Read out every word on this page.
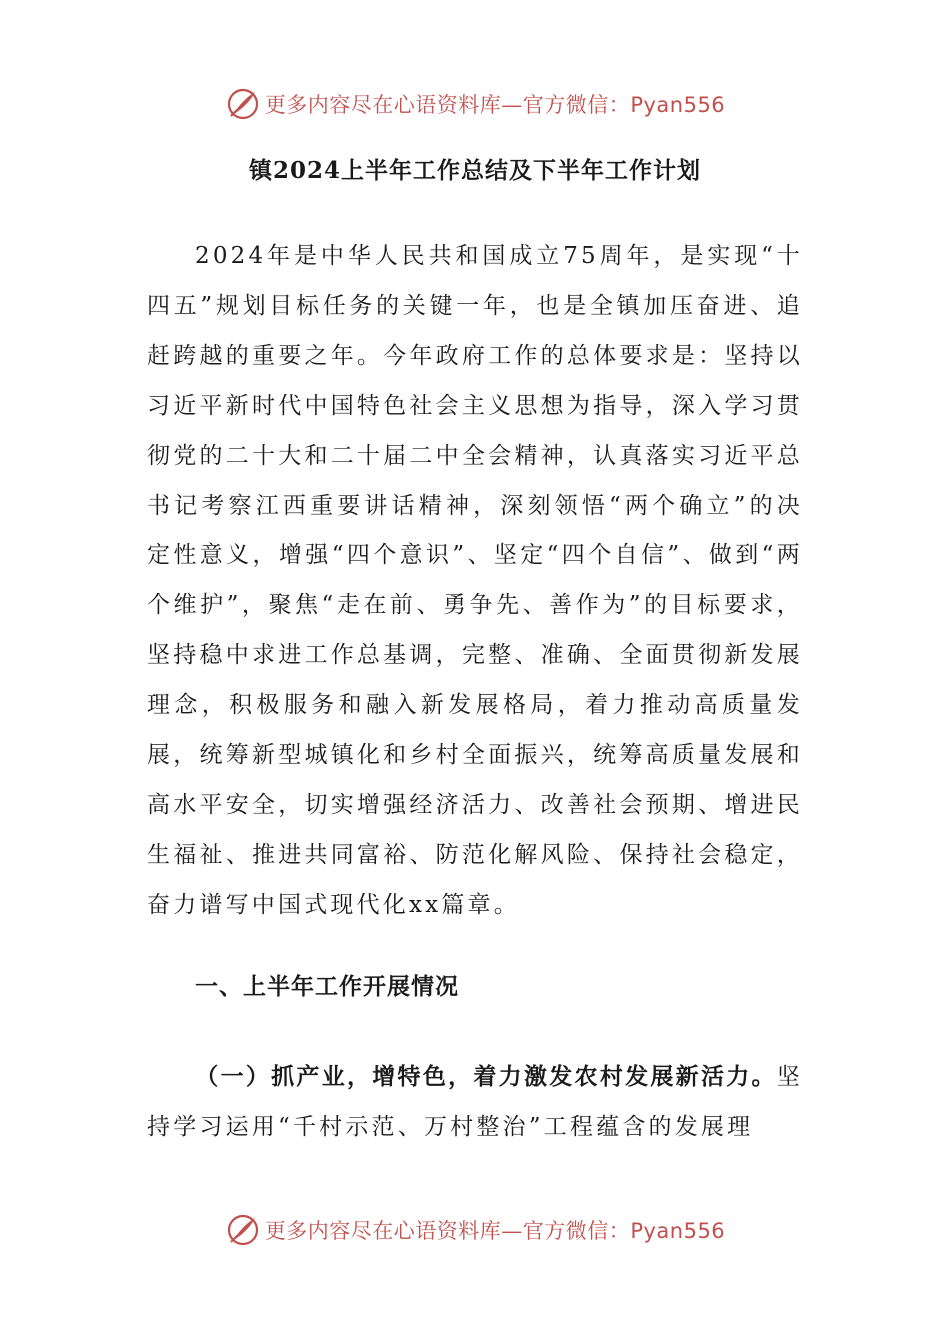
更多内容尽在心语资料库—官方微信：Pyan556
镇2024上半年工作总结及下半年工作计划

2024年是中华人民共和国成立75周年，是实现“十四五”规划目标任务的关键一年，也是全镇加压奋进、追赶跨越的重要之年。今年政府工作的总体要求是：坚持以习近平新时代中国特色社会主义思想为指导，深入学习贯彻党的二十大和二十届二中全会精神，认真落实习近平总书记考察江西重要讲话精神，深刻领悟“两个确立”的决定性意义，增强“四个意识”、坚定“四个自信”、做到“两个维护”，聚焦“走在前、勇争先、善作为”的目标要求，坚持稳中求进工作总基调，完整、准确、全面贯彻新发展理念，积极服务和融入新发展格局，着力推动高质量发展，统筹新型城镇化和乡村全面振兴，统筹高质量发展和高水平安全，切实增强经济活力、改善社会预期、增进民生福祉、推进共同富裕、防范化解风险、保持社会稳定，奋力谱写中国式现代化xx篇章。

一、上半年工作开展情况

（一）抓产业，增特色，着力激发农村发展新活力。坚持学习运用“千村示范、万村整治”工程蕴含的发展理

更多内容尽在心语资料库—官方微信：Pyan556
